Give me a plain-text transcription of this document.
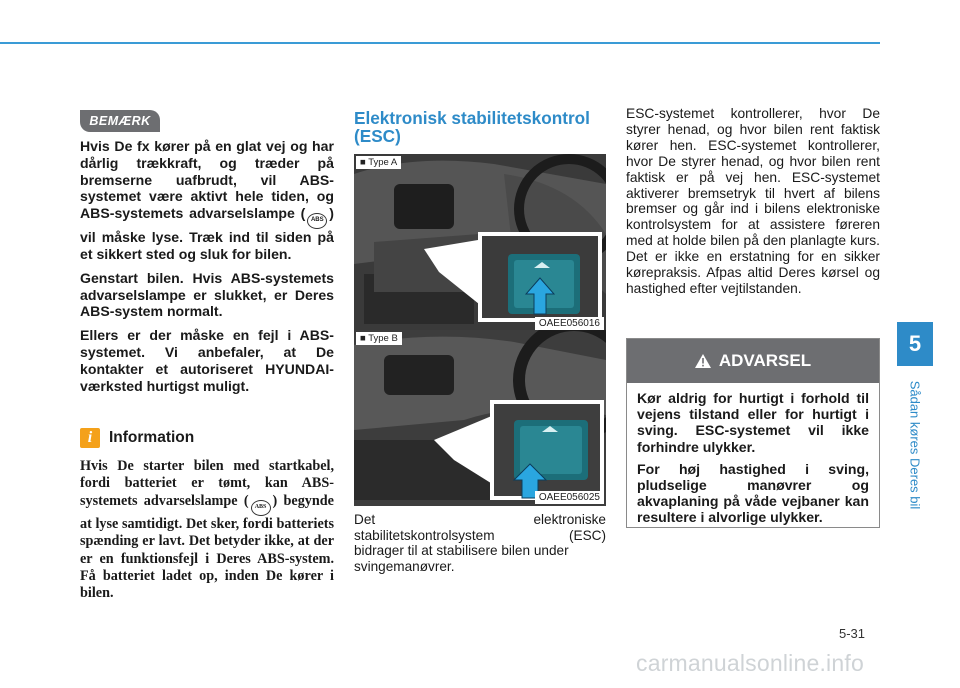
5
Sådan køres Deres bil
BEMÆRK

Hvis De fx kører på en glat vej og har dårlig trækkraft, og træder på bremserne uafbrudt, vil ABS-systemet være aktivt hele tiden, og ABS-systemets advarselslampe ( ABS ) vil måske lyse. Træk ind til siden på et sikkert sted og sluk for bilen.

Genstart bilen. Hvis ABS-systemets advarselslampe er slukket, er Deres ABS-system normalt.

Ellers er der måske en fejl i ABS-systemet. Vi anbefaler, at De kontakter et autoriseret HYUNDAI-værksted hurtigst muligt.

i	Information
Hvis De starter bilen med startkabel, fordi batteriet er tømt, kan ABS-systemets advarselslampe ( ABS ) begynde at lyse samtidigt. Det sker, fordi batteriets spænding er lavt. Det betyder ikke, at der er en funktionsfejl i Deres ABS-system. Få batteriet ladet op, inden De kører i bilen.
Elektronisk stabilitetskontrol (ESC)
■ Type A
OAEE056016
■ Type B
OAEE056025
Det elektroniske
stabilitetskontrolsystem (ESC)
bidrager til at stabilisere bilen under svingemanøvrer.
ESC-systemet kontrollerer, hvor De styrer henad, og hvor bilen rent faktisk kører hen. ESC-systemet kontrollerer, hvor De styrer henad, og hvor bilen rent faktisk er på vej hen. ESC-systemet aktiverer bremsetryk til hvert af bilens bremser og går ind i bilens elektroniske kontrolsystem for at assistere føreren med at holde bilen på den planlagte kurs. Det er ikke en erstatning for en sikker kørepraksis. Afpas altid Deres kørsel og hastighed efter vejtilstanden.
ADVARSEL

Kør aldrig for hurtigt i forhold til vejens tilstand eller for hurtigt i sving. ESC-systemet vil ikke forhindre ulykker.

For høj hastighed i sving, pludselige manøvrer og akvaplaning på våde vejbaner kan resultere i alvorlige ulykker.

5-31
carmanualsonline.info
